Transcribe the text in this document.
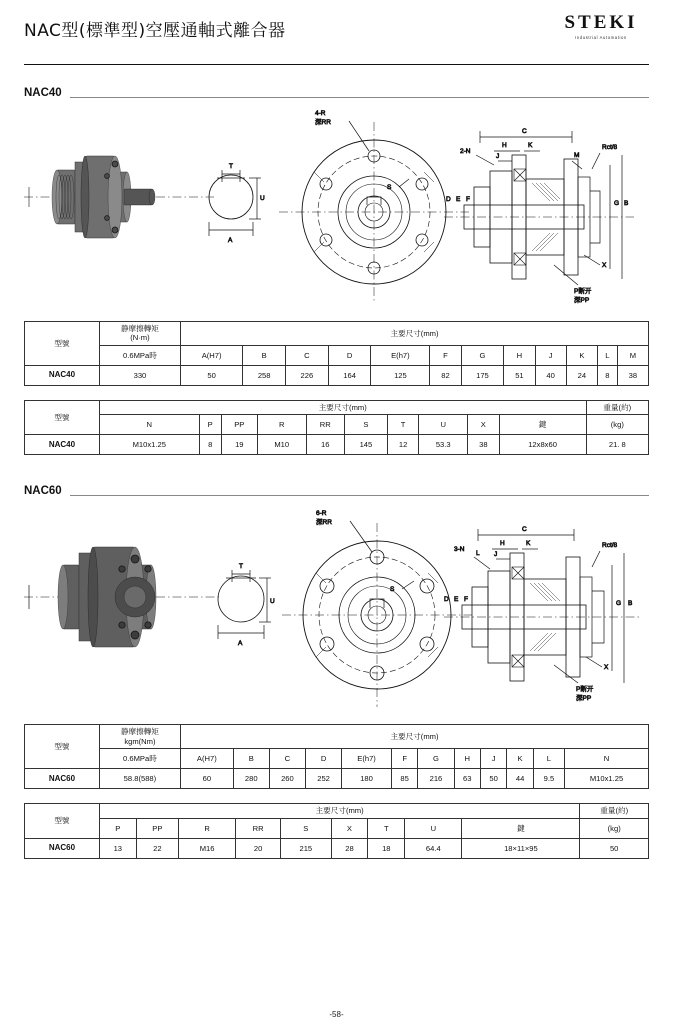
NAC型(標準型)空壓通軸式離合器	STEKI
Industrial Automation
NAC40
T
U
A
4-R
深RR
S
C
H
J
K
2-N
M
Rct/8
D E F
G B
X
P断开
深PP
型號	静摩擦轉矩
(N·m)	主要尺寸(mm)											
	0.6MPa時	A(H7)	B	C	D	E(h7)	F	G	H	J	K	L	M
NAC40	330	50	258	226	164	125	82	175	51	40	24	8	38
型號	主要尺寸(mm)										重量(約)
	N	P	PP	R	RR	S	T	U	X	鍵	(kg)
NAC40	M10x1.25	8	19	M10	16	145	12	53.3	38	12x8x60	21. 8
NAC60
T
U
A
6-R
深RR
S
C
H
J
K
3-N
L
Rct/8
D E F
G B
X
P断开
深PP
型號	静摩擦轉矩
kgm(Nm)	主要尺寸(mm)											
	0.6MPa時	A(H7)	B	C	D	E(h7)	F	G	H	J	K	L	N
NAC60	58.8(588)	60	280	260	252	180	85	216	63	50	44	9.5	M10x1.25
型號	主要尺寸(mm)									重量(約)
	P	PP	R	RR	S	X	T	U	鍵	(kg)
NAC60	13	22	M16	20	215	28	18	64.4	18×11×95	50
-58-
